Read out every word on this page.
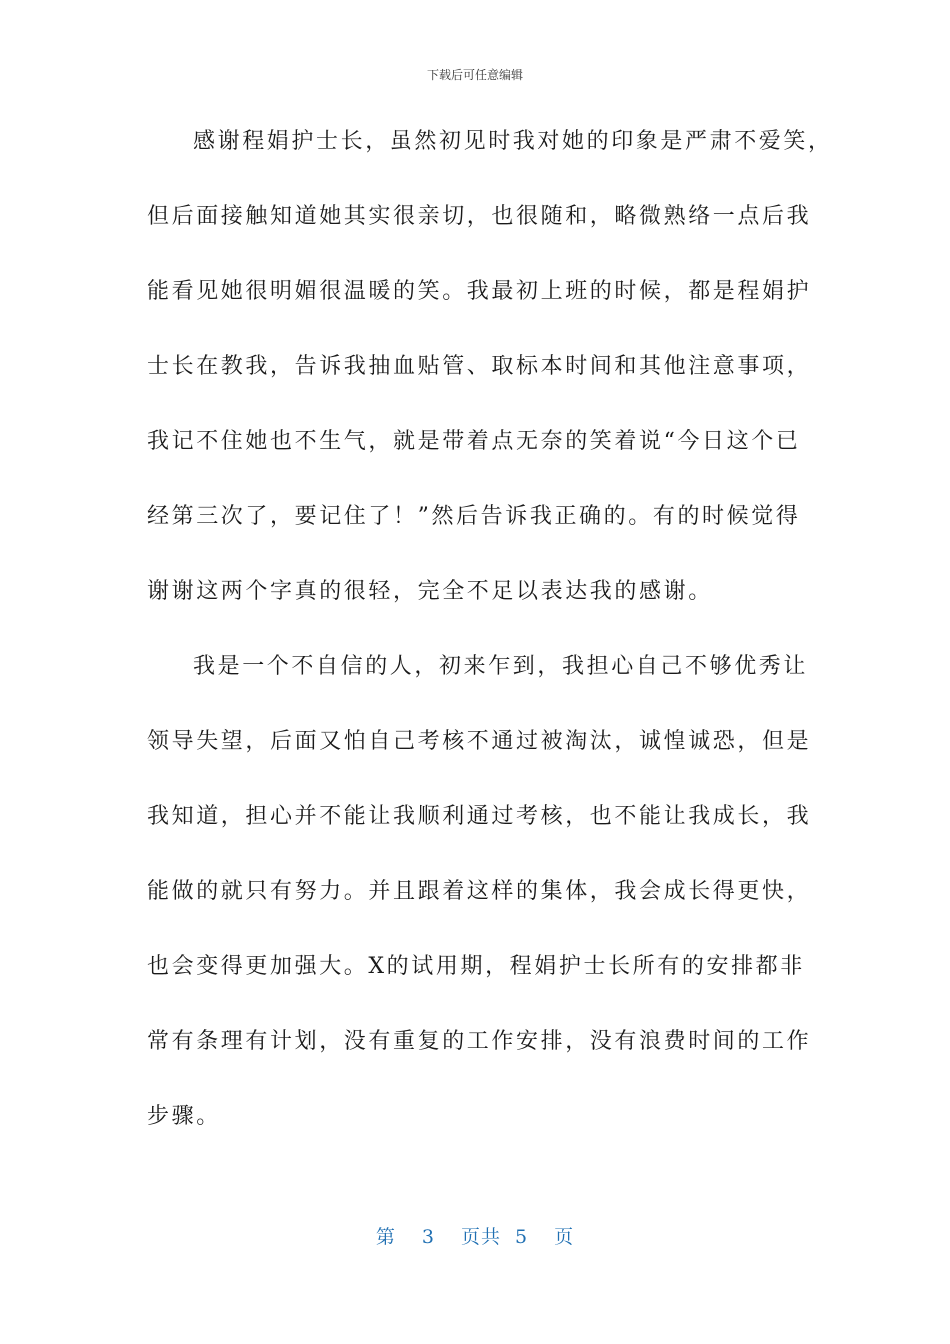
下载后可任意编辑
感谢程娟护士长，虽然初见时我对她的印象是严肃不爱笑，
但后面接触知道她其实很亲切，也很随和，略微熟络一点后我
能看见她很明媚很温暖的笑。我最初上班的时候，都是程娟护
士长在教我，告诉我抽血贴管、取标本时间和其他注意事项，
我记不住她也不生气，就是带着点无奈的笑着说“今日这个已
经第三次了，要记住了！”然后告诉我正确的。有的时候觉得
谢谢这两个字真的很轻，完全不足以表达我的感谢。
我是一个不自信的人，初来乍到，我担心自己不够优秀让
领导失望，后面又怕自己考核不通过被淘汰，诚惶诚恐，但是
我知道，担心并不能让我顺利通过考核，也不能让我成长，我
能做的就只有努力。并且跟着这样的集体，我会成长得更快，
也会变得更加强大。X的试用期，程娟护士长所有的安排都非
常有条理有计划，没有重复的工作安排，没有浪费时间的工作
步骤。
第 3 页共 5 页
